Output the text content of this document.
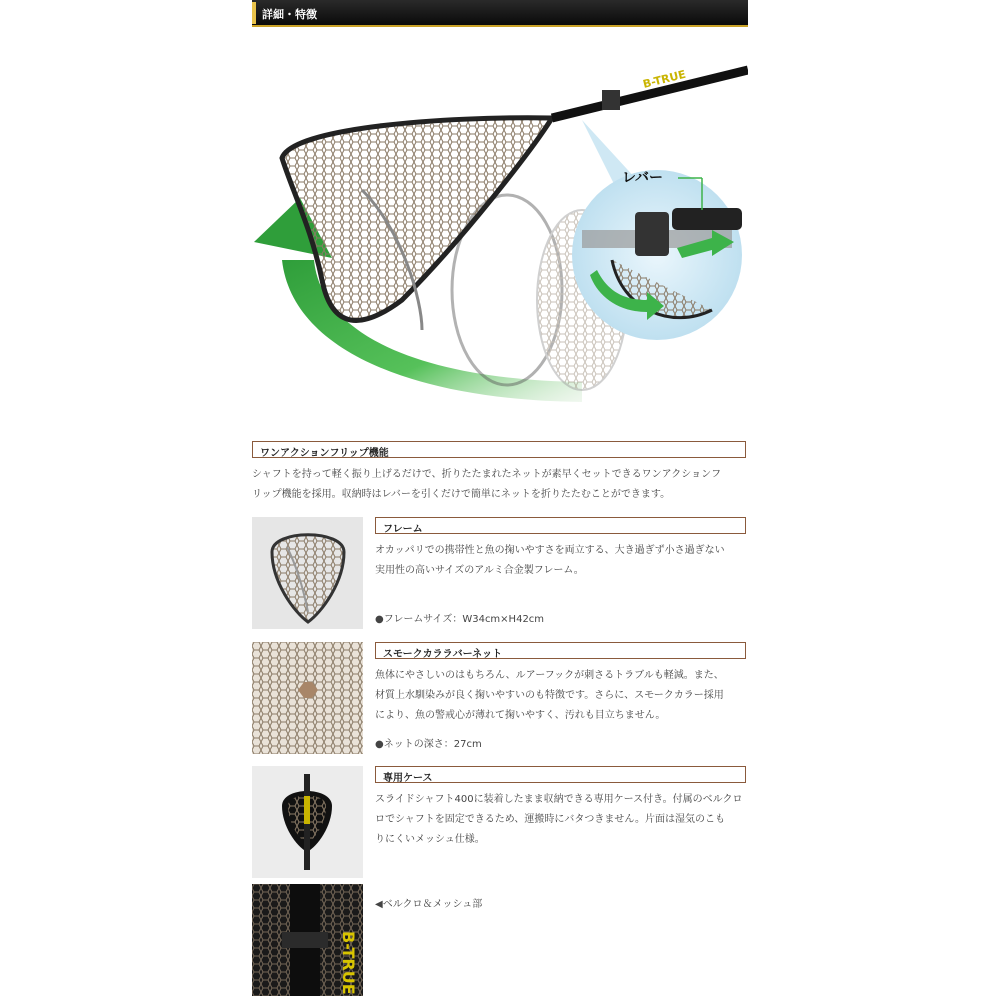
詳細・特徴
B-TRUE
レバー
ワンアクションフリップ機能
シャフトを持って軽く振り上げるだけで、折りたたまれたネットが素早くセットできるワンアクションフ
リップ機能を採用。収納時はレバーを引くだけで簡単にネットを折りたたむことができます。
フレーム
オカッパリでの携帯性と魚の掬いやすさを両立する、大き過ぎず小さ過ぎない
実用性の高いサイズのアルミ合金製フレーム。
●フレームサイズ：W34cm×H42cm
スモークカララバーネット
魚体にやさしいのはもちろん、ルアーフックが刺さるトラブルも軽減。また、
材質上水馴染みが良く掬いやすいのも特徴です。さらに、スモークカラー採用
により、魚の警戒心が薄れて掬いやすく、汚れも目立ちません。
●ネットの深さ：27cm
専用ケース
スライドシャフト400に装着したまま収納できる専用ケース付き。付属のベルクロ
ロでシャフトを固定できるため、運搬時にバタつきません。片面は湿気のこも
りにくいメッシュ仕様。
B-TRUE
◀ベルクロ＆メッシュ部
